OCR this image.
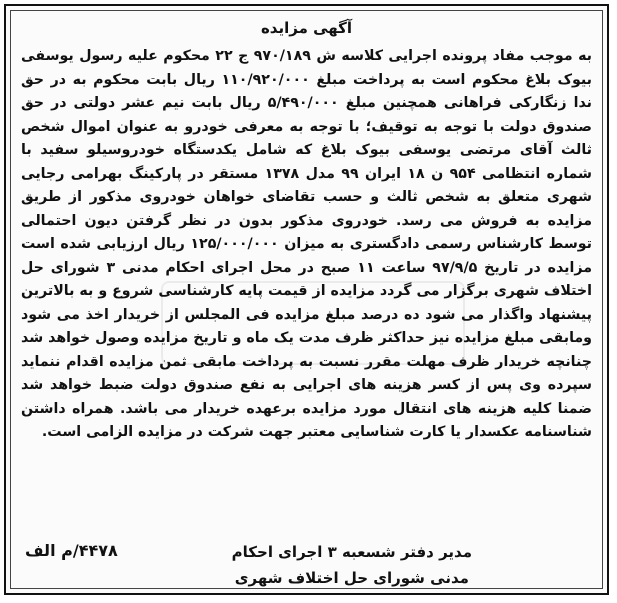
آگهی مزایده
به موجب مفاد پرونده اجرایی کلاسه ش ۹۷۰/۱۸۹ ج ۲۲ محکوم علیه رسول یوسفی بیوک بلاغ محکوم است به پرداخت مبلغ ۱۱۰/۹۲۰/۰۰۰ ریال بابت محکوم به در حق ندا زنگارکی فراهانی همچنین مبلغ ۵/۴۹۰/۰۰۰ ریال بابت نیم عشر دولتی در حق صندوق دولت با توجه به توقیف؛ با توجه به معرفی خودرو به عنوان اموال شخص ثالث آقای مرتضی یوسفی بیوک بلاغ که شامل یکدستگاه خودروسیلو سفید با شماره انتظامی ۹۵۴ ن ۱۸ ایران ۹۹ مدل ۱۳۷۸ مستقر در پارکینگ بهرامی رجایی شهری متعلق به شخص ثالث و حسب تقاضای خواهان خودروی مذکور از طریق مزایده به فروش می رسد. خودروی مذکور بدون در نظر گرفتن دیون احتمالی توسط کارشناس رسمی دادگستری به میزان ۱۲۵/۰۰۰/۰۰۰ ریال ارزیابی شده است مزایده در تاریخ ۹۷/۹/۵ ساعت ۱۱ صبح در محل اجرای احکام مدنی ۳ شورای حل اختلاف شهری برگزار می گردد مزایده از قیمت پایه کارشناسی شروع و به بالاترین پیشنهاد واگذار می شود ده درصد مبلغ مزایده فی المجلس از خریدار اخذ می شود ومابقی مبلغ مزایده نیز حداکثر ظرف مدت یک ماه و تاریخ مزایده وصول خواهد شد چنانچه خریدار ظرف مهلت مقرر نسبت به پرداخت مابقی ثمن مزایده اقدام ننماید سپرده وی پس از کسر هزینه های اجرایی به نفع صندوق دولت ضبط خواهد شد ضمنا کلیه هزینه های انتقال مورد مزایده برعهده خریدار می باشد. همراه داشتن شناسنامه عکسدار یا کارت شناسایی معتبر جهت شرکت در مزایده الزامی است.
مدیر دفتر شسعبه ۳ اجرای احکام
مدنی شورای حل اختلاف شهری
۴۴۷۸/م الف
